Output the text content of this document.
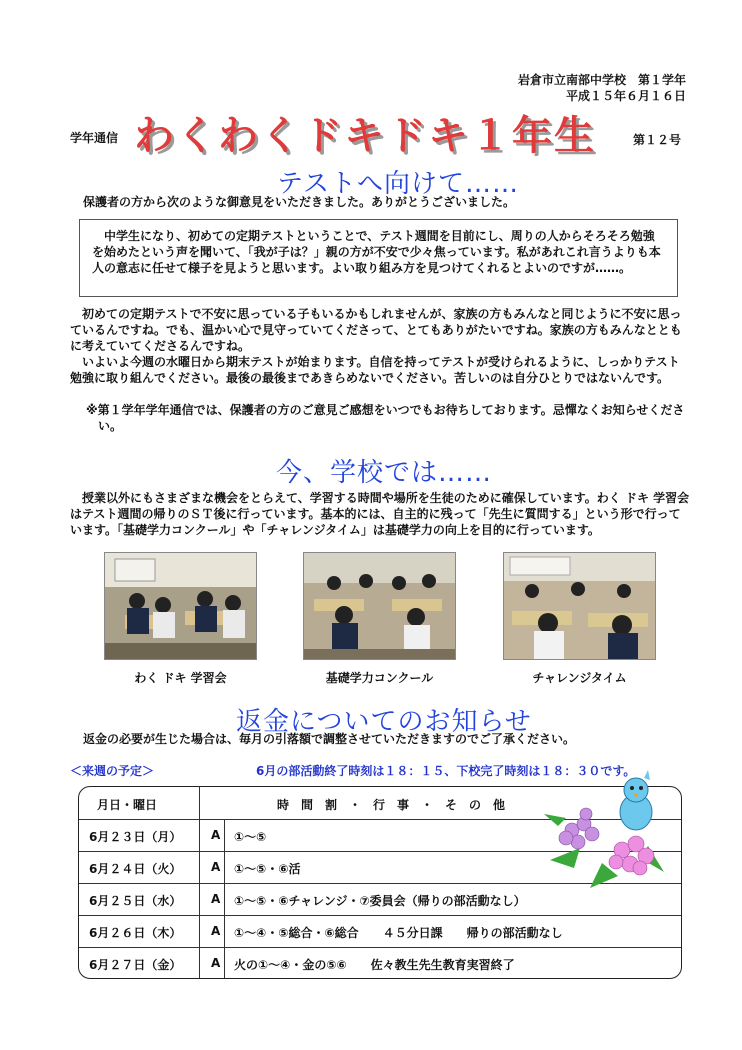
岩倉市立南部中学校　第１学年
平成１５年６月１６日
学年通信 わくわくドキドキ１年生	第１２号
テストへ向けて……
保護者の方から次のような御意見をいただきました。ありがとうございました。
中学生になり、初めての定期テストということで、テスト週間を目前にし、周りの人からそろそろ勉強を始めたという声を聞いて、「我が子は？」親の方が不安で少々焦っています。私があれこれ言うよりも本人の意志に任せて様子を見ようと思います。よい取り組み方を見つけてくれるとよいのですが……。
初めての定期テストで不安に思っている子もいるかもしれませんが、家族の方もみんなと同じように不安に思っているんですね。でも、温かい心で見守っていてくださって、とてもありがたいですね。家族の方もみんなとともに考えていてくださるんですね。
いよいよ今週の水曜日から期末テストが始まります。自信を持ってテストが受けられるように、しっかりテスト勉強に取り組んでください。最後の最後まであきらめないでください。苦しいのは自分ひとりではないんです。
※第１学年学年通信では、保護者の方のご意見ご感想をいつでもお待ちしております。忌憚なくお知らせください。
今、学校では……
授業以外にもさまざまな機会をとらえて、学習する時間や場所を生徒のために確保しています。わく ドキ 学習会はテスト週間の帰りのＳＴ後に行っています。基本的には、自主的に残って「先生に質問する」という形で行っています。「基礎学力コンクール」や「チャレンジタイム」は基礎学力の向上を目的に行っています。
わく ドキ 学習会	基礎学力コンクール	チャレンジタイム
返金についてのお知らせ
返金の必要が生じた場合は、毎月の引落額で調整させていただきますのでご了承ください。
＜来週の予定＞	6月の部活動終了時刻は１８：１５、下校完了時刻は１８：３０です。
月日・曜日	時　間　割　・　行　事　・　そ　の　他
6月２３日（月） A ①～⑤
6月２４日（火） A ①～⑤・⑥活
6月２５日（水） A ①～⑤・⑥チャレンジ・⑦委員会（帰りの部活動なし）
6月２６日（木） A ①～④・⑤総合・⑥総合　　４５分日課　　帰りの部活動なし
6月２７日（金） A 火の①～④・金の⑤⑥　　佐々教生先生教育実習終了
